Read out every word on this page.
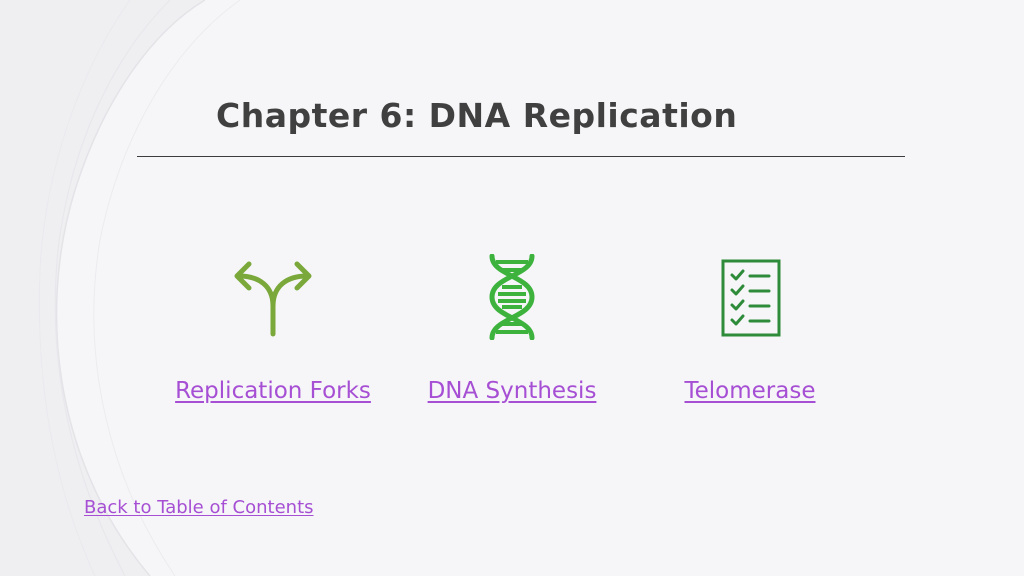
Chapter 6: DNA Replication
Replication Forks DNA Synthesis	Telomerase
Back to Table of Contents
